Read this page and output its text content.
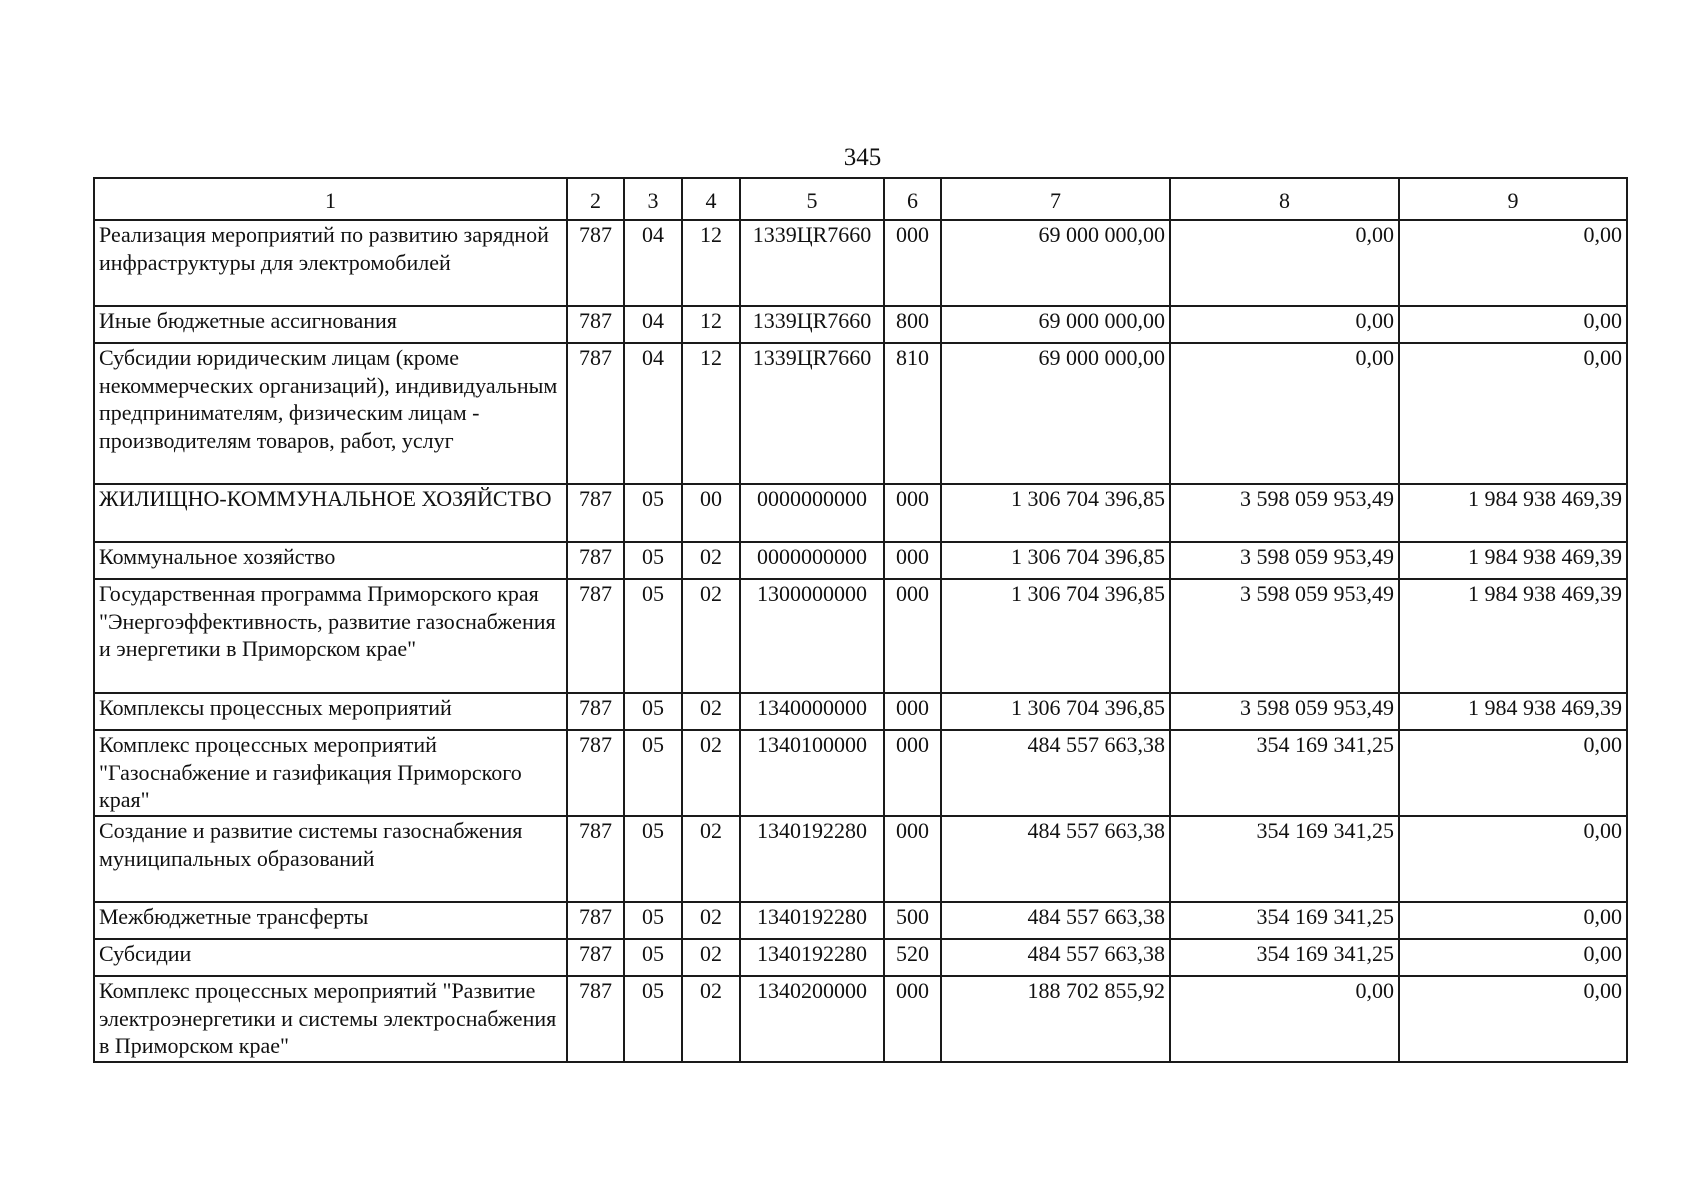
345
1	2	3	4	5	6	7	8	9
Реализация мероприятий по развитию зарядной инфраструктуры для электромобилей	787	04	12	1339ЦR7660	000	69 000 000,00	0,00	0,00
Иные бюджетные ассигнования	787	04	12	1339ЦR7660	800	69 000 000,00	0,00	0,00
Субсидии юридическим лицам (кроме некоммерческих организаций), индивидуальным предпринимателям, физическим лицам - производителям товаров, работ, услуг	787	04	12	1339ЦR7660	810	69 000 000,00	0,00	0,00
ЖИЛИЩНО-КОММУНАЛЬНОЕ ХОЗЯЙСТВО	787	05	00	0000000000	000	1 306 704 396,85	3 598 059 953,49	1 984 938 469,39
Коммунальное хозяйство	787	05	02	0000000000	000	1 306 704 396,85	3 598 059 953,49	1 984 938 469,39
Государственная программа Приморского края "Энергоэффективность, развитие газоснабжения и энергетики в Приморском крае"	787	05	02	1300000000	000	1 306 704 396,85	3 598 059 953,49	1 984 938 469,39
Комплексы процессных мероприятий	787	05	02	1340000000	000	1 306 704 396,85	3 598 059 953,49	1 984 938 469,39
Комплекс процессных мероприятий "Газоснабжение и газификация Приморского края"	787	05	02	1340100000	000	484 557 663,38	354 169 341,25	0,00
Создание и развитие системы газоснабжения муниципальных образований	787	05	02	1340192280	000	484 557 663,38	354 169 341,25	0,00
Межбюджетные трансферты	787	05	02	1340192280	500	484 557 663,38	354 169 341,25	0,00
Субсидии	787	05	02	1340192280	520	484 557 663,38	354 169 341,25	0,00
Комплекс процессных мероприятий "Развитие электроэнергетики и системы электроснабжения в Приморском крае"	787	05	02	1340200000	000	188 702 855,92	0,00	0,00
